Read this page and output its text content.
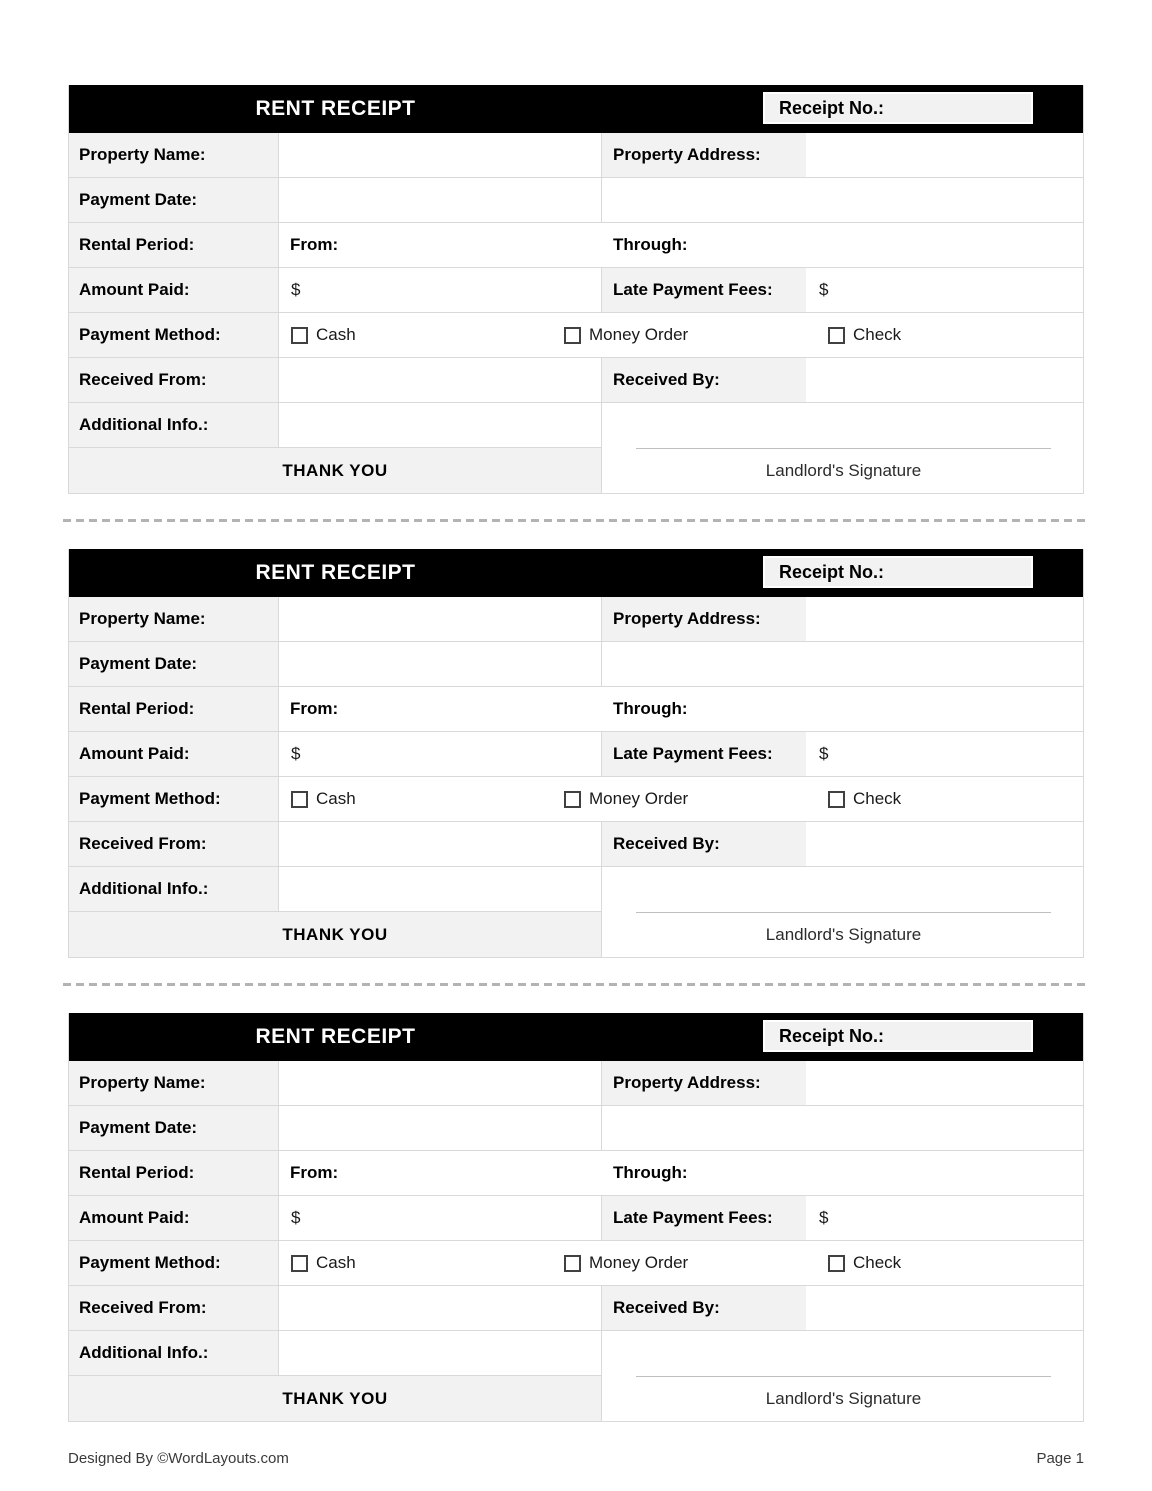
RENT RECEIPT	Receipt No.:
Property Name:	Property Address:
Payment Date:
Rental Period:	From:	Through:
Amount Paid:	$	Late Payment Fees:	$
Payment Method:	Cash	Money Order	Check
Received From:	Received By:
Additional Info.:
THANK YOU	Landlord's Signature
RENT RECEIPT	Receipt No.:
Property Name:	Property Address:
Payment Date:
Rental Period:	From:	Through:
Amount Paid:	$	Late Payment Fees:	$
Payment Method:	Cash	Money Order	Check
Received From:	Received By:
Additional Info.:
THANK YOU	Landlord's Signature
RENT RECEIPT	Receipt No.:
Property Name:	Property Address:
Payment Date:
Rental Period:	From:	Through:
Amount Paid:	$	Late Payment Fees:	$
Payment Method:	Cash	Money Order	Check
Received From:	Received By:
Additional Info.:
THANK YOU	Landlord's Signature
Designed By ©WordLayouts.com	Page 1
